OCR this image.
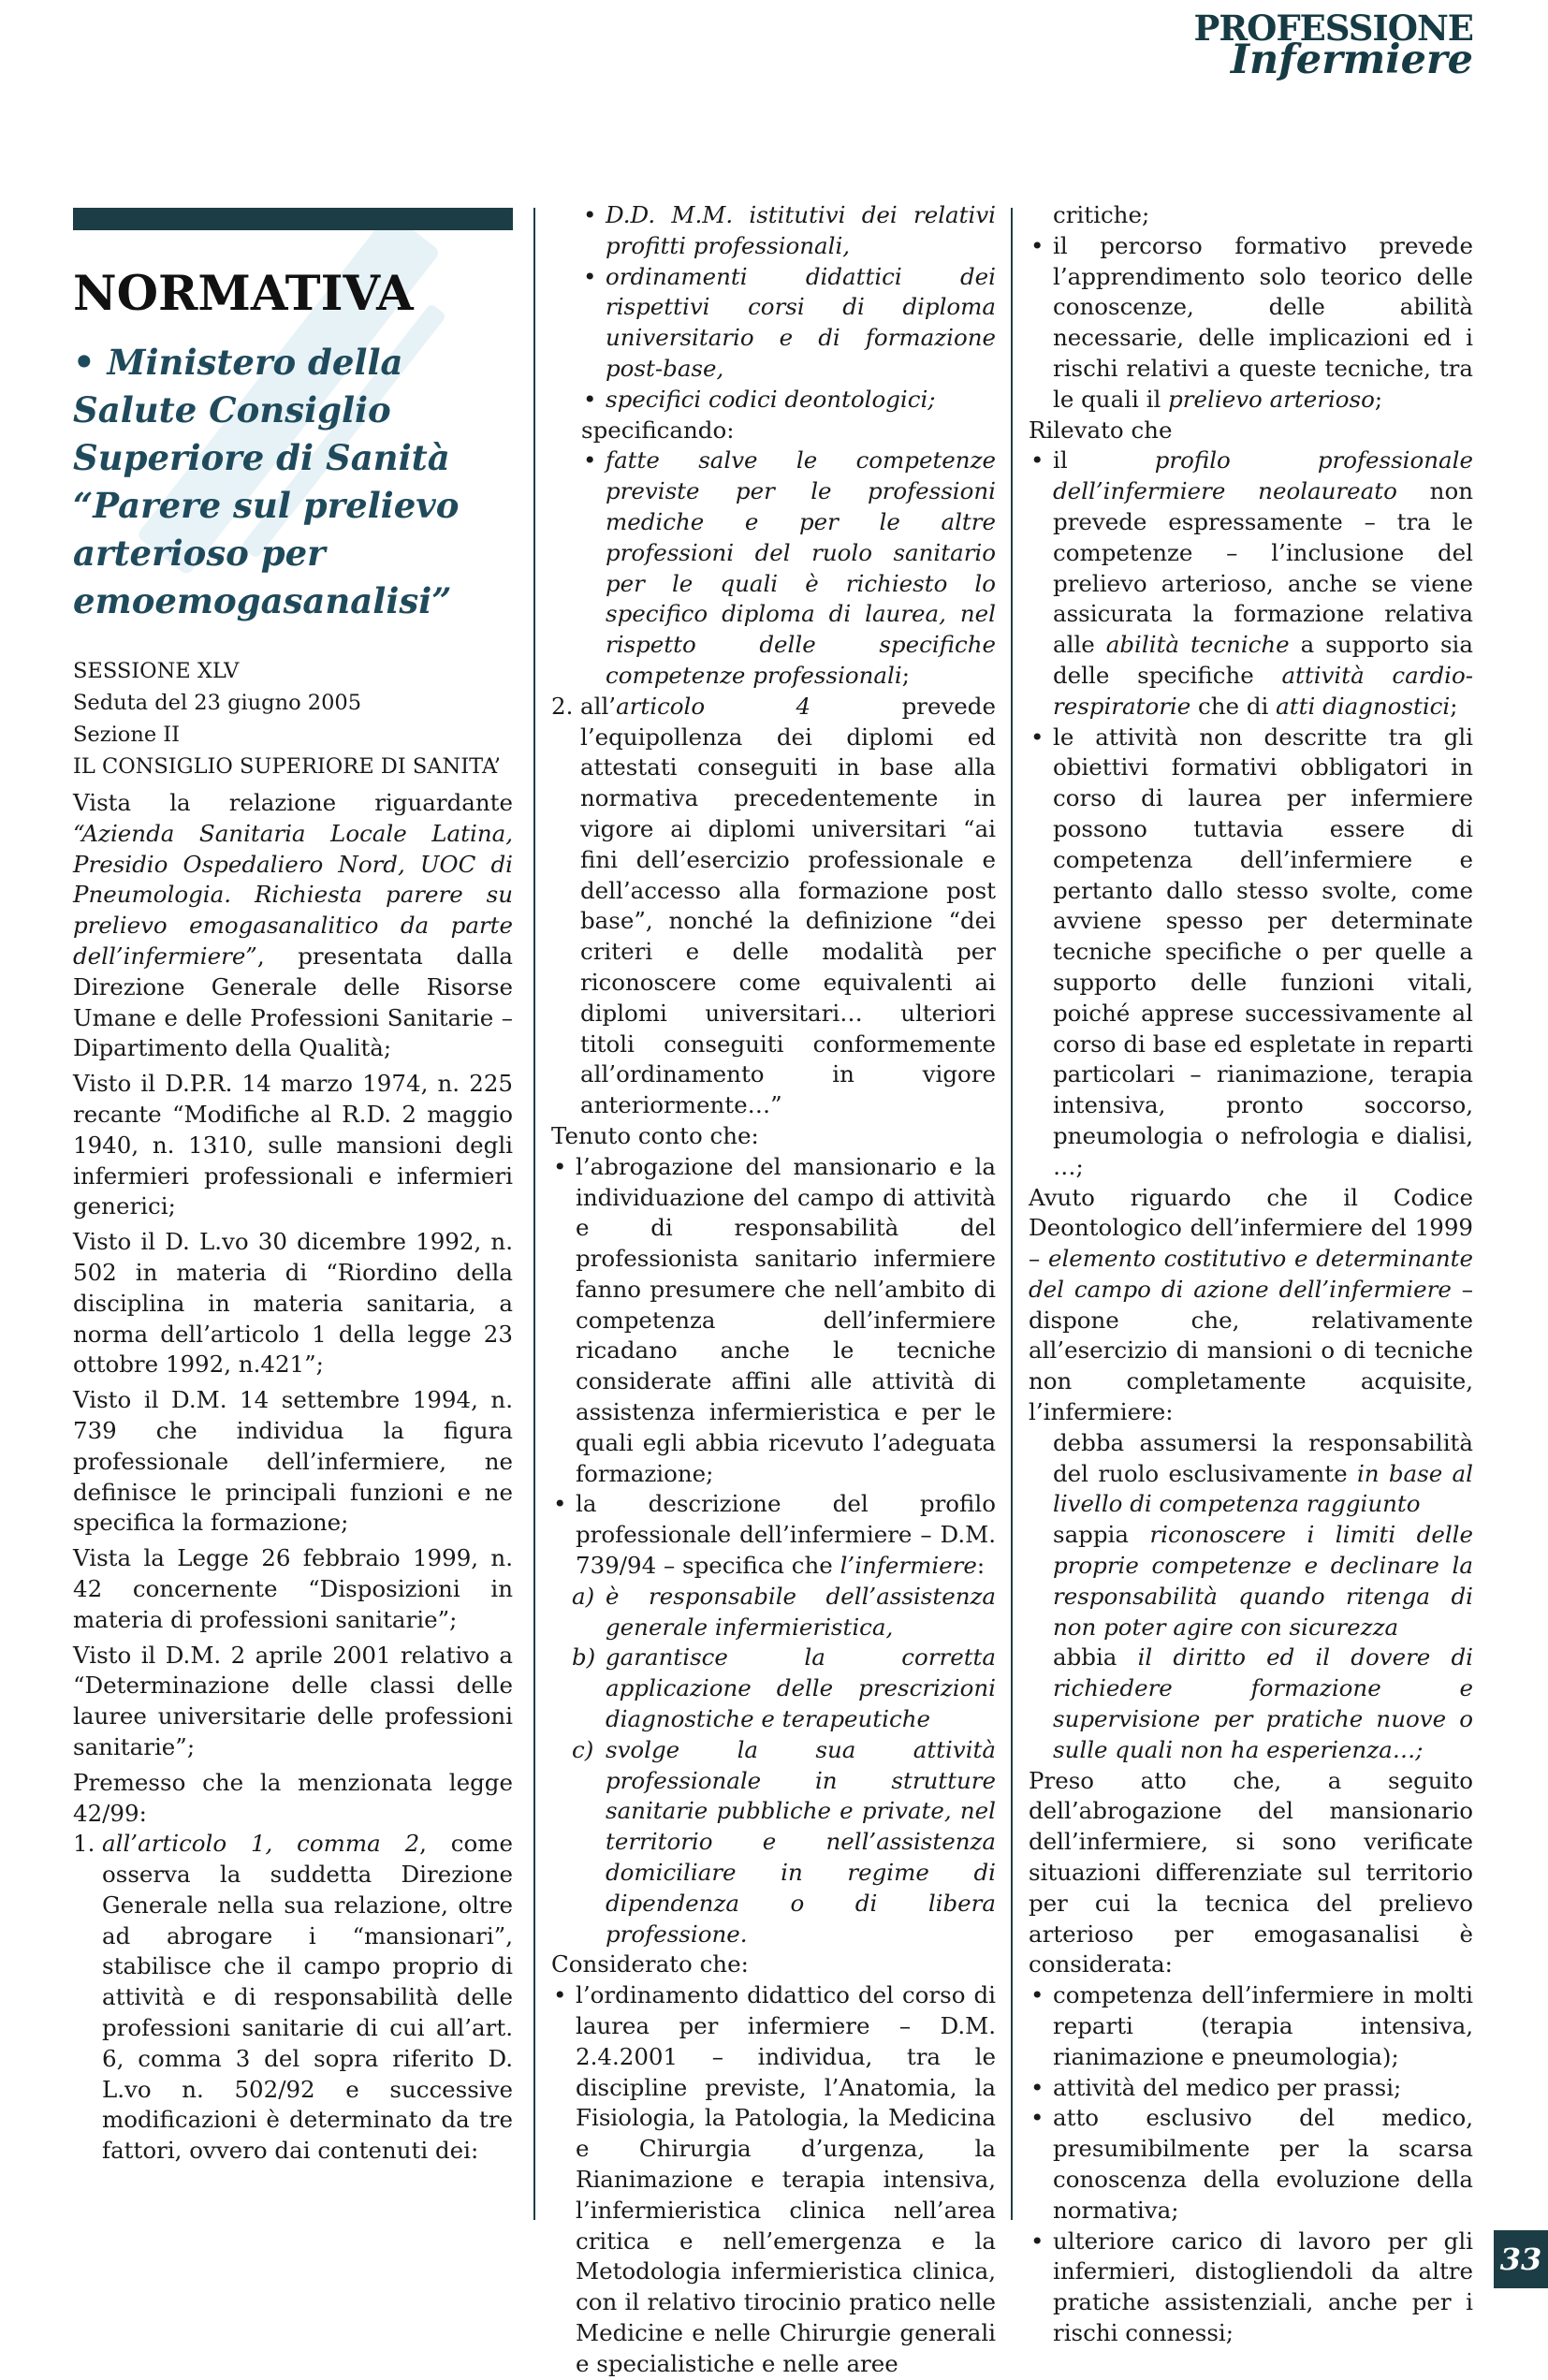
PROFESSIONE
Infermiere
NORMATIVA
• Ministero della Salute Consiglio Superiore di Sanità “Parere sul prelievo arterioso per emoemogasanalisi”
SESSIONE XLV
Seduta del 23 giugno 2005
Sezione II
IL CONSIGLIO SUPERIORE DI SANITA’
Vista la relazione riguardante “Azienda Sanitaria Locale Latina, Presidio Ospedaliero Nord, UOC di Pneumologia. Richiesta parere su prelievo emogasanalitico da parte dell’infermiere”, presentata dalla Direzione Generale delle Risorse Umane e delle Professioni Sanitarie – Dipartimento della Qualità;
Visto il D.P.R. 14 marzo 1974, n. 225 recante “Modifiche al R.D. 2 maggio 1940, n. 1310, sulle mansioni degli infermieri professionali e infermieri generici;
Visto il D. L.vo 30 dicembre 1992, n. 502 in materia di “Riordino della disciplina in materia sanitaria, a norma dell’articolo 1 della legge 23 ottobre 1992, n.421”;
Visto il D.M. 14 settembre 1994, n. 739 che individua la figura professionale dell’infermiere, ne definisce le principali funzioni e ne specifica la formazione;
Vista la Legge 26 febbraio 1999, n. 42 concernente “Disposizioni in materia di professioni sanitarie”;
Visto il D.M. 2 aprile 2001 relativo a “Determinazione delle classi delle lauree universitarie delle professioni sanitarie”;
Premesso che la menzionata legge 42/99:
1. all’articolo 1, comma 2, come osserva la suddetta Direzione Generale nella sua relazione, oltre ad abrogare i “mansionari”, stabilisce che il campo proprio di attività e di responsabilità delle professioni sanitarie di cui all’art. 6, comma 3 del sopra riferito D. L.vo n. 502/92 e successive modificazioni è determinato da tre fattori, ovvero dai contenuti dei:
• D.D. M.M. istitutivi dei relativi profitti professionali,
• ordinamenti didattici dei rispettivi corsi di diploma universitario e di formazione post-base,
• specifici codici deontologici;
specificando:
• fatte salve le competenze previste per le professioni mediche e per le altre professioni del ruolo sanitario per le quali è richiesto lo specifico diploma di laurea, nel rispetto delle specifiche competenze professionali;
2. all’articolo 4 prevede l’equipollenza dei diplomi ed attestati conseguiti in base alla normativa precedentemente in vigore ai diplomi universitari “ai fini dell’esercizio professionale e dell’accesso alla formazione post base”, nonché la definizione “dei criteri e delle modalità per riconoscere come equivalenti ai diplomi universitari… ulteriori titoli conseguiti conformemente all’ordinamento in vigore anteriormente…”
Tenuto conto che:
• l’abrogazione del mansionario e la individuazione del campo di attività e di responsabilità del professionista sanitario infermiere fanno presumere che nell’ambito di competenza dell’infermiere ricadano anche le tecniche considerate affini alle attività di assistenza infermieristica e per le quali egli abbia ricevuto l’adeguata formazione;
• la descrizione del profilo professionale dell’infermiere – D.M. 739/94 – specifica che l’infermiere:
a) è responsabile dell’assistenza generale infermieristica,
b) garantisce la corretta applicazione delle prescrizioni diagnostiche e terapeutiche
c) svolge la sua attività professionale in strutture sanitarie pubbliche e private, nel territorio e nell’assistenza domiciliare in regime di dipendenza o di libera professione.
Considerato che:
• l’ordinamento didattico del corso di laurea per infermiere – D.M. 2.4.2001 – individua, tra le discipline previste, l’Anatomia, la Fisiologia, la Patologia, la Medicina e Chirurgia d’urgenza, la Rianimazione e terapia intensiva, l’infermieristica clinica nell’area critica e nell’emergenza e la Metodologia infermieristica clinica, con il relativo tirocinio pratico nelle Medicine e nelle Chirurgie generali e specialistiche e nelle aree
critiche;
• il percorso formativo prevede l’apprendimento solo teorico delle conoscenze, delle abilità necessarie, delle implicazioni ed i rischi relativi a queste tecniche, tra le quali il prelievo arterioso;
Rilevato che
• il profilo professionale dell’infermiere neolaureato non prevede espressamente – tra le competenze – l’inclusione del prelievo arterioso, anche se viene assicurata la formazione relativa alle abilità tecniche a supporto sia delle specifiche attività cardio-respiratorie che di atti diagnostici;
• le attività non descritte tra gli obiettivi formativi obbligatori in corso di laurea per infermiere possono tuttavia essere di competenza dell’infermiere e pertanto dallo stesso svolte, come avviene spesso per determinate tecniche specifiche o per quelle a supporto delle funzioni vitali, poiché apprese successivamente al corso di base ed espletate in reparti particolari – rianimazione, terapia intensiva, pronto soccorso, pneumologia o nefrologia e dialisi, …;
Avuto riguardo che il Codice Deontologico dell’infermiere del 1999 – elemento costitutivo e determinante del campo di azione dell’infermiere – dispone che, relativamente all’esercizio di mansioni o di tecniche non completamente acquisite, l’infermiere:
debba assumersi la responsabilità del ruolo esclusivamente in base al livello di competenza raggiunto
sappia riconoscere i limiti delle proprie competenze e declinare la responsabilità quando ritenga di non poter agire con sicurezza
abbia il diritto ed il dovere di richiedere formazione e supervisione per pratiche nuove o sulle quali non ha esperienza…;
Preso atto che, a seguito dell’abrogazione del mansionario dell’infermiere, si sono verificate situazioni differenziate sul territorio per cui la tecnica del prelievo arterioso per emogasanalisi è considerata:
• competenza dell’infermiere in molti reparti (terapia intensiva, rianimazione e pneumologia);
• attività del medico per prassi;
• atto esclusivo del medico, presumibilmente per la scarsa conoscenza della evoluzione della normativa;
• ulteriore carico di lavoro per gli infermieri, distogliendoli da altre pratiche assistenziali, anche per i rischi connessi;
33
